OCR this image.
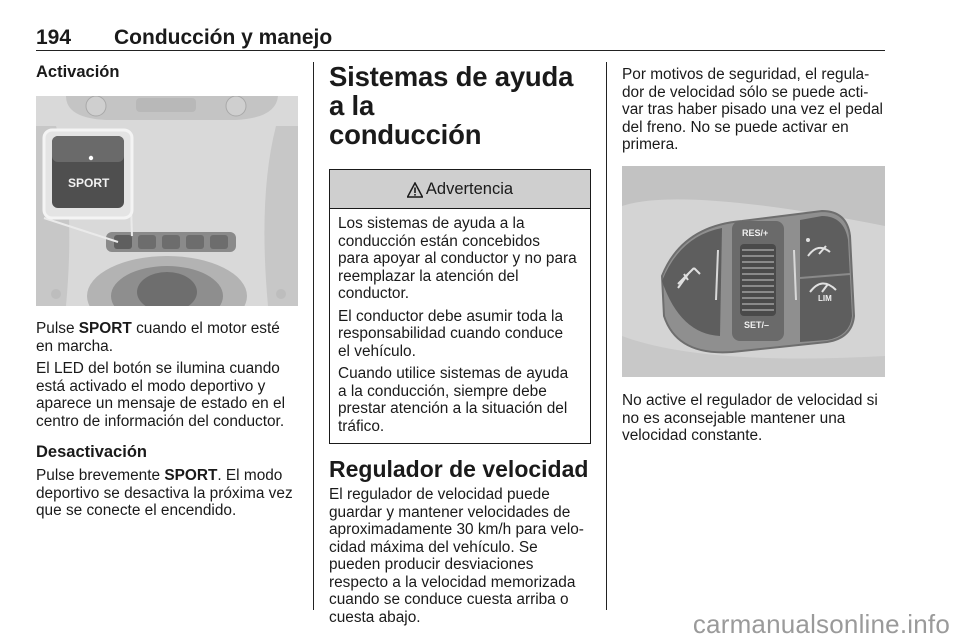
194 Conducción y manejo
Activación
SPORT

Pulse SPORT cuando el motor esté

en marcha.

El LED del botón se ilumina cuando

está activado el modo deportivo y

aparece un mensaje de estado en el

centro de información del conductor.

Desactivación

Pulse brevemente SPORT. El modo

deportivo se desactiva la próxima vez

que se conecte el encendido.

Sistemas de ayuda a la
conducción
Advertencia

Los sistemas de ayuda a la
conducción están concebidos
para apoyar al conductor y no para
reemplazar la atención del
conductor.

El conductor debe asumir toda la
responsabilidad cuando conduce
el vehículo.

Cuando utilice sistemas de ayuda
a la conducción, siempre debe
prestar atención a la situación del
tráfico.

Regulador de velocidad

El regulador de velocidad puede
guardar y mantener velocidades de
aproximadamente 30 km/h para velo-
cidad máxima del vehículo. Se
pueden producir desviaciones
respecto a la velocidad memorizada
cuando se conduce cuesta arriba o
cuesta abajo.

Por motivos de seguridad, el regula-
dor de velocidad sólo se puede acti-
var tras haber pisado una vez el pedal
del freno. No se puede activar en
primera.

RES/+
SET/–
LIM

No active el regulador de velocidad si
no es aconsejable mantener una
velocidad constante.

carmanualsonline.info
